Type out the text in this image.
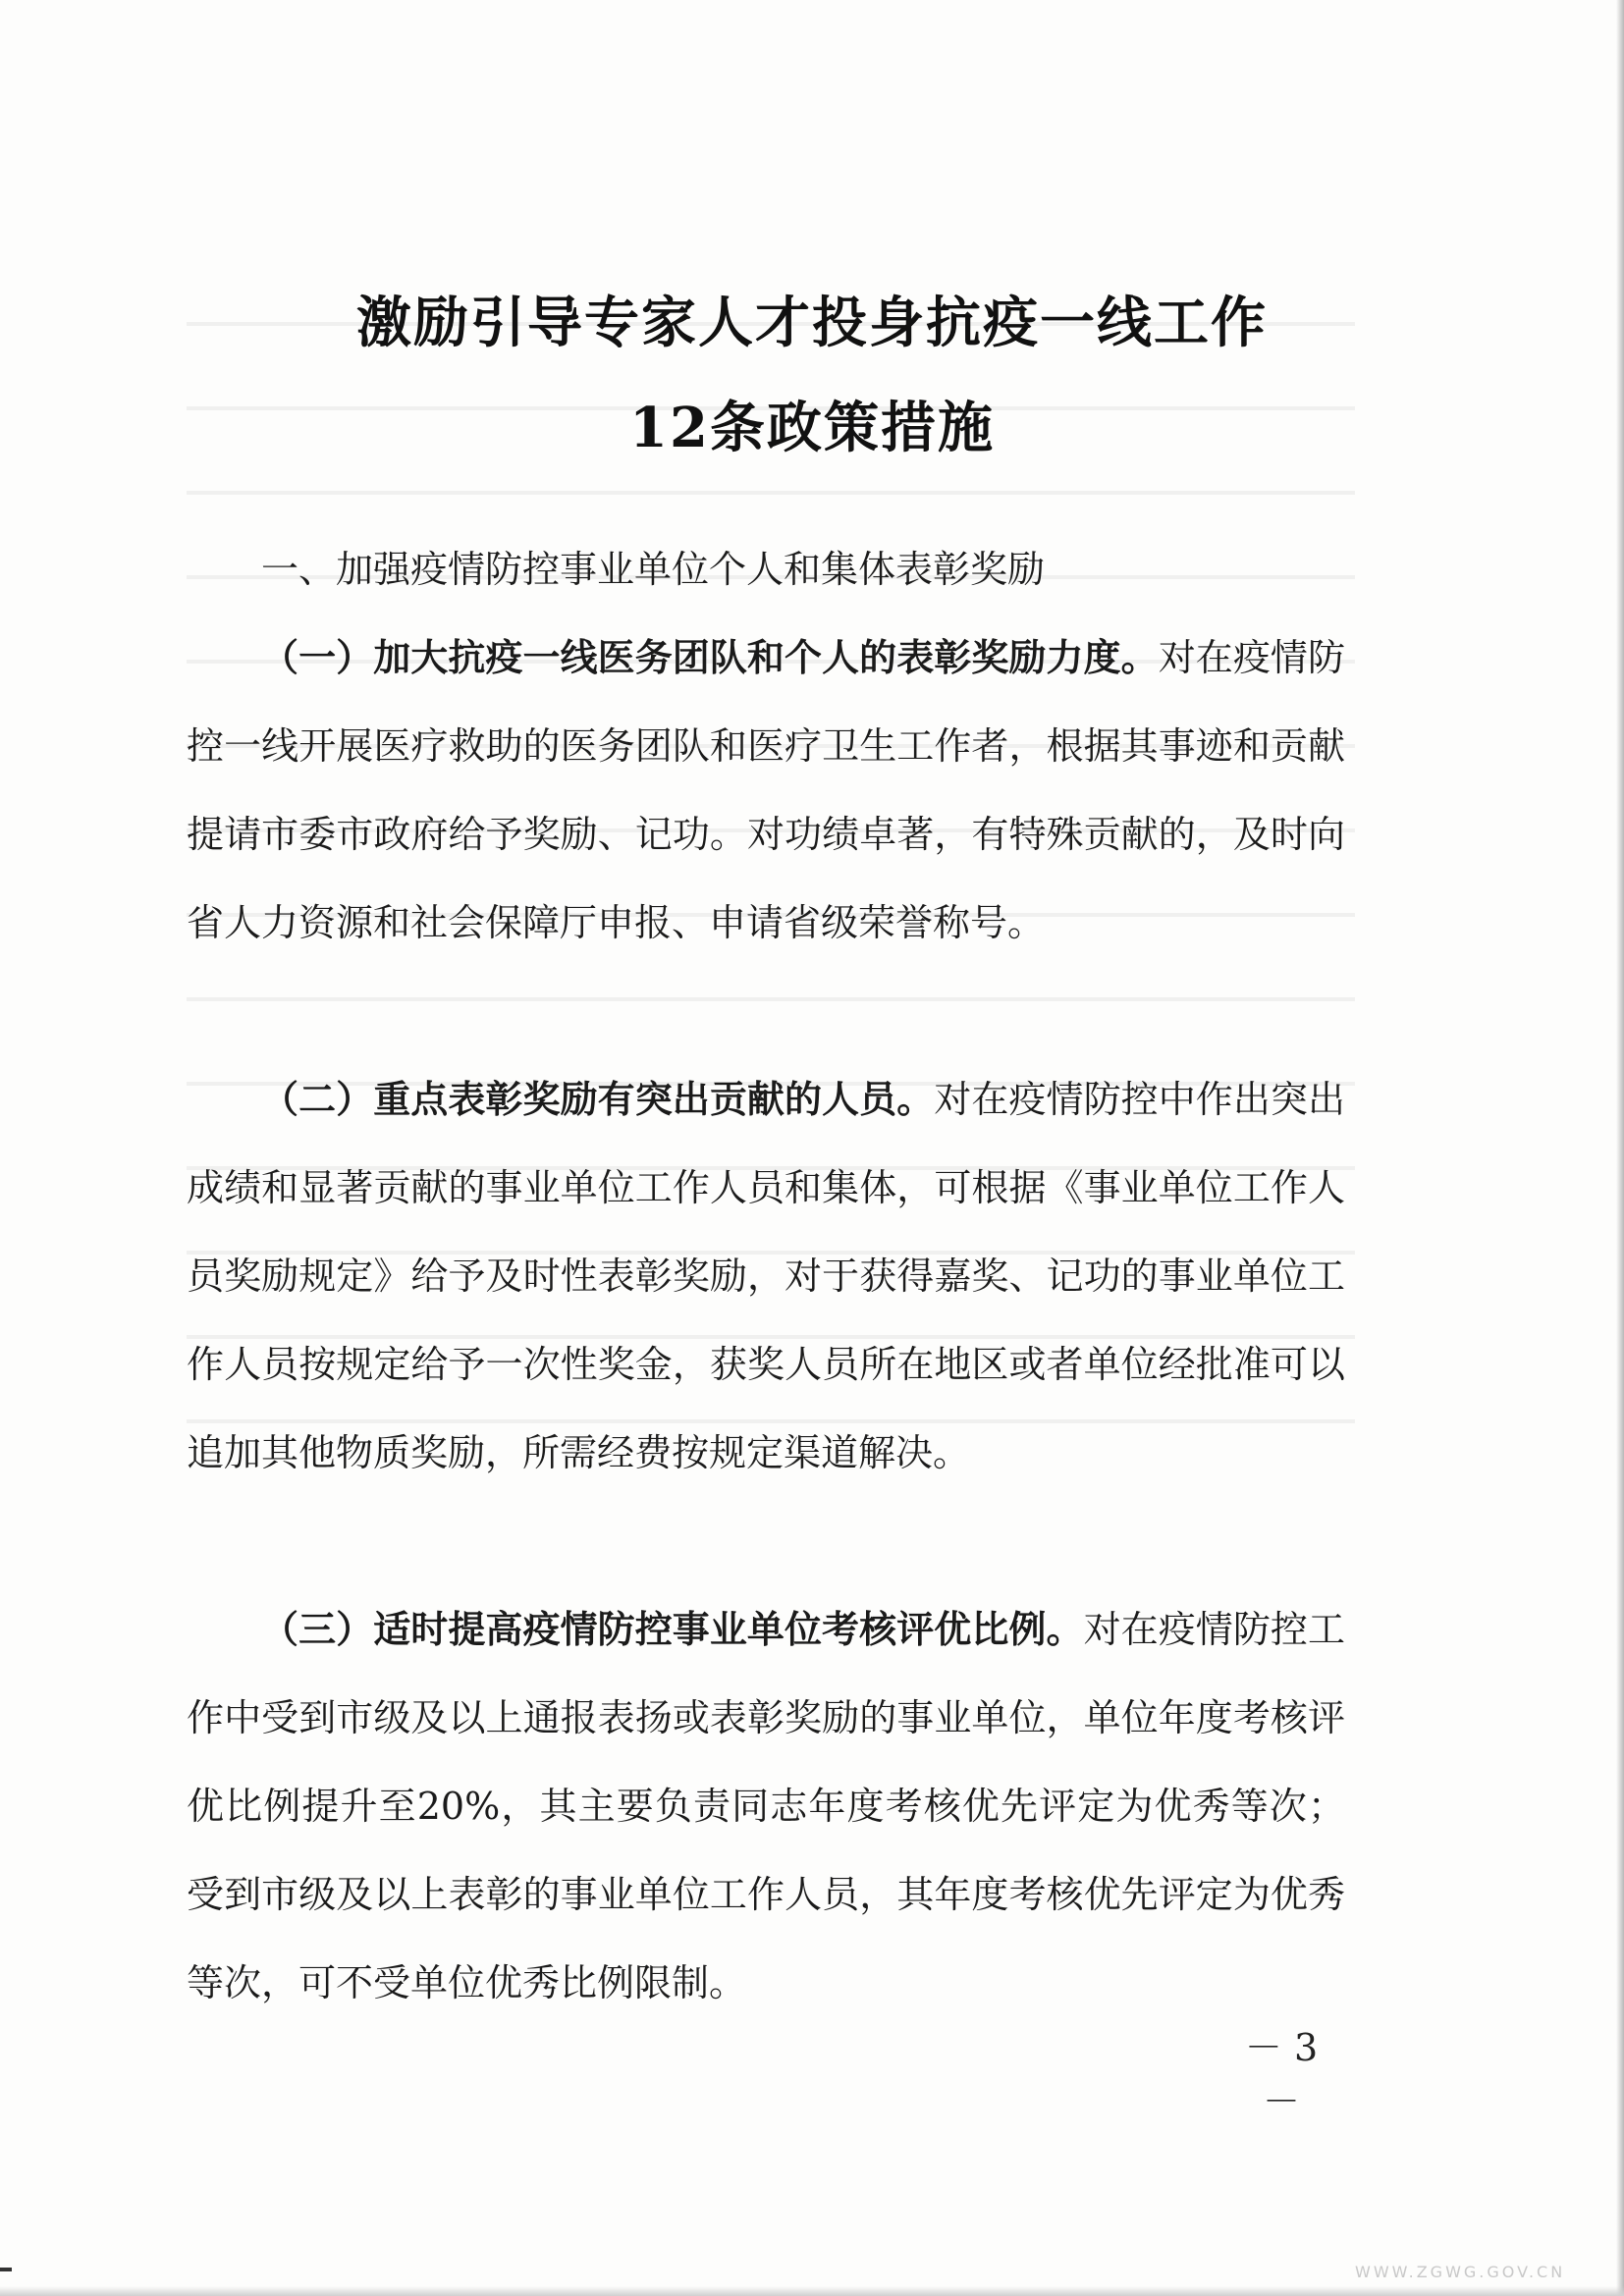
激励引导专家人才投身抗疫一线工作
12条政策措施
一、加强疫情防控事业单位个人和集体表彰奖励
（一）加大抗疫一线医务团队和个人的表彰奖励力度。对在疫情防控一线开展医疗救助的医务团队和医疗卫生工作者，根据其事迹和贡献提请市委市政府给予奖励、记功。对功绩卓著，有特殊贡献的，及时向省人力资源和社会保障厅申报、申请省级荣誉称号。
（二）重点表彰奖励有突出贡献的人员。对在疫情防控中作出突出成绩和显著贡献的事业单位工作人员和集体，可根据《事业单位工作人员奖励规定》给予及时性表彰奖励，对于获得嘉奖、记功的事业单位工作人员按规定给予一次性奖金，获奖人员所在地区或者单位经批准可以追加其他物质奖励，所需经费按规定渠道解决。
（三）适时提高疫情防控事业单位考核评优比例。对在疫情防控工作中受到市级及以上通报表扬或表彰奖励的事业单位，单位年度考核评优比例提升至20%，其主要负责同志年度考核优先评定为优秀等次；受到市级及以上表彰的事业单位工作人员，其年度考核优先评定为优秀等次，可不受单位优秀比例限制。
－ 3 －
WWW.ZGWG.GOV.CN
